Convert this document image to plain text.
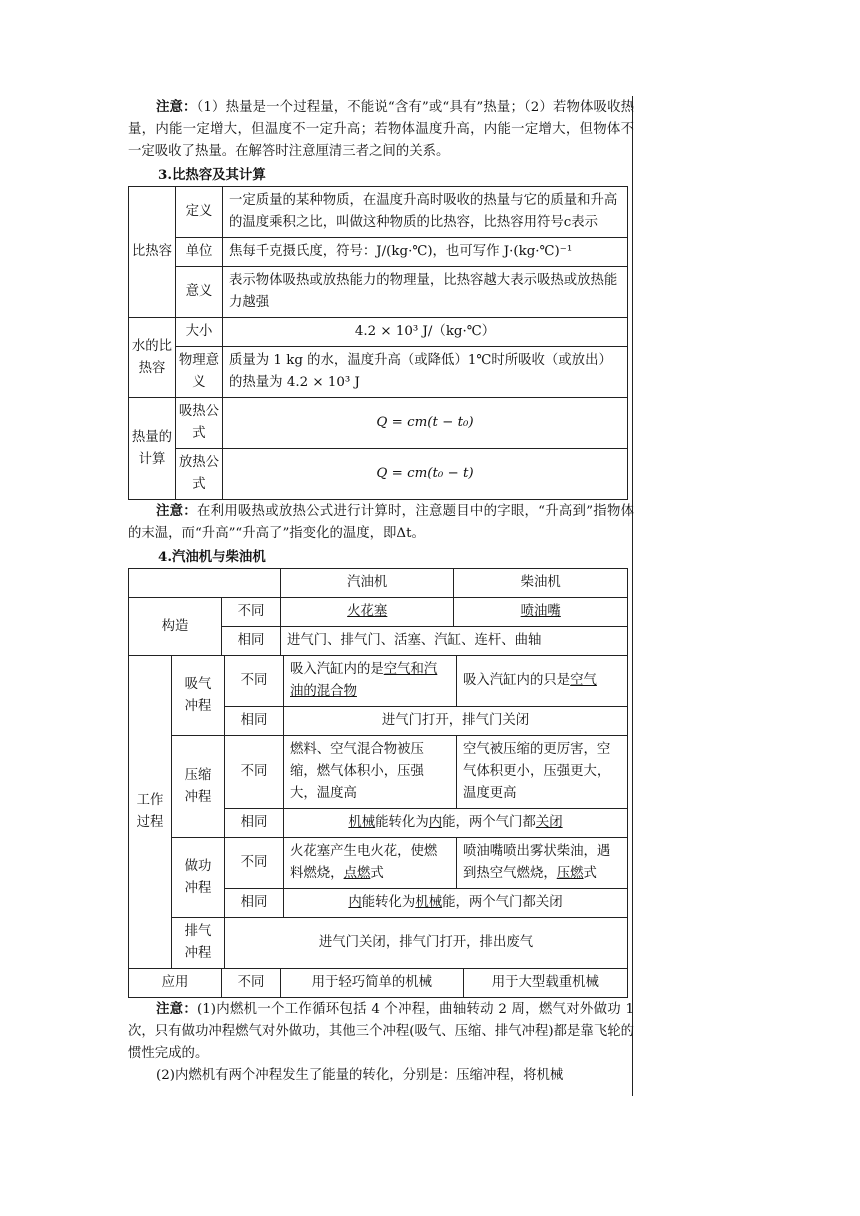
注意：（1）热量是一个过程量，不能说“含有”或“具有”热量；（2）若物体吸收热量，内能一定增大，但温度不一定升高；若物体温度升高，内能一定增大，但物体不一定吸收了热量。在解答时注意厘清三者之间的关系。

3.比热容及其计算
比热容	定义	一定质量的某种物质，在温度升高时吸收的热量与它的质量和升高的温度乘积之比，叫做这种物质的比热容，比热容用符号c表示
	单位	焦每千克摄氏度，符号：J/(kg·℃)，也可写作 J·(kg·℃)⁻¹
	意义	表示物体吸热或放热能力的物理量，比热容越大表示吸热或放热能力越强
水的比热容	大小	4.2 × 10³ J/（kg·℃）
	物理意义	质量为 1 kg 的水，温度升高（或降低）1℃时所吸收（或放出）的热量为 4.2 × 10³ J
热量的计算	吸热公式	Q = cm(t − t₀)
	放热公式	Q = cm(t₀ − t)

注意：在利用吸热或放热公式进行计算时，注意题目中的字眼，“升高到”指物体的末温，而“升高”“升高了”指变化的温度，即Δt。

4.汽油机与柴油机
		汽油机	柴油机
构造	不同	火花塞	喷油嘴
	相同	进气门、排气门、活塞、汽缸、连杆、曲轴	
工作过程	吸气冲程	不同	吸入汽缸内的是空气和汽油的混合物	吸入汽缸内的只是空气
		相同	进气门打开，排气门关闭	
	压缩冲程	不同	燃料、空气混合物被压缩，燃气体积小，压强大，温度高	空气被压缩的更厉害，空气体积更小，压强更大，温度更高
		相同	机械能转化为内能，两个气门都关闭	
	做功冲程	不同	火花塞产生电火花，使燃料燃烧，点燃式	喷油嘴喷出雾状柴油，遇到热空气燃烧，压燃式
		相同	内能转化为机械能，两个气门都关闭	
	排气冲程	进气门关闭，排气门打开，排出废气		
应用	不同	用于轻巧简单的机械	用于大型载重机械

注意：(1)内燃机一个工作循环包括 4 个冲程，曲轴转动 2 周，燃气对外做功 1 次，只有做功冲程燃气对外做功，其他三个冲程(吸气、压缩、排气冲程)都是靠飞轮的惯性完成的。

(2)内燃机有两个冲程发生了能量的转化，分别是：压缩冲程，将机械
